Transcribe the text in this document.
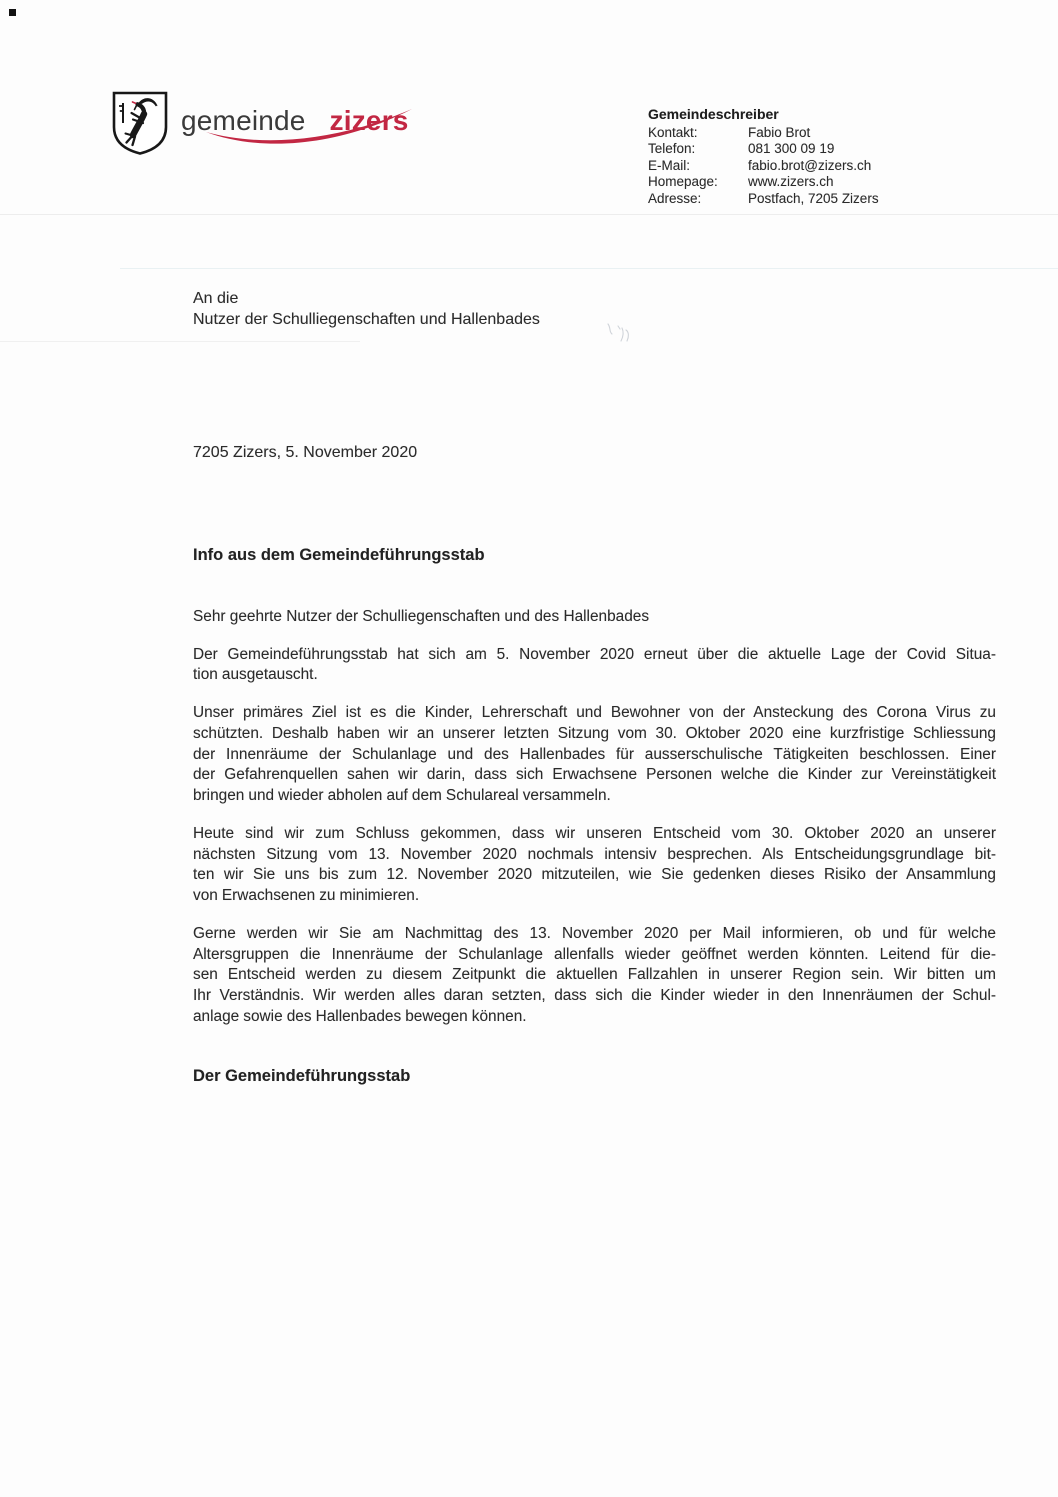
gemeinde zizers	Gemeindeschreiber
Kontakt:	Fabio Brot
Telefon:	081 300 09 19
E-Mail:	fabio.brot@zizers.ch
Homepage:	www.zizers.ch
Adresse:	Postfach, 7205 Zizers
An die
Nutzer der Schulliegenschaften und Hallenbades
7205 Zizers, 5. November 2020
Info aus dem Gemeindeführungsstab
Sehr geehrte Nutzer der Schulliegenschaften und des Hallenbades
Der Gemeindeführungsstab hat sich am 5. November 2020 erneut über die aktuelle Lage der Covid Situa-
tion ausgetauscht.
Unser primäres Ziel ist es die Kinder, Lehrerschaft und Bewohner von der Ansteckung des Corona Virus zu
schützten. Deshalb haben wir an unserer letzten Sitzung vom 30. Oktober 2020 eine kurzfristige Schliessung
der Innenräume der Schulanlage und des Hallenbades für ausserschulische Tätigkeiten beschlossen. Einer
der Gefahrenquellen sahen wir darin, dass sich Erwachsene Personen welche die Kinder zur Vereinstätigkeit
bringen und wieder abholen auf dem Schulareal versammeln.
Heute sind wir zum Schluss gekommen, dass wir unseren Entscheid vom 30. Oktober 2020 an unserer
nächsten Sitzung vom 13. November 2020 nochmals intensiv besprechen. Als Entscheidungsgrundlage bit-
ten wir Sie uns bis zum 12. November 2020 mitzuteilen, wie Sie gedenken dieses Risiko der Ansammlung
von Erwachsenen zu minimieren.
Gerne werden wir Sie am Nachmittag des 13. November 2020 per Mail informieren, ob und für welche
Altersgruppen die Innenräume der Schulanlage allenfalls wieder geöffnet werden könnten. Leitend für die-
sen Entscheid werden zu diesem Zeitpunkt die aktuellen Fallzahlen in unserer Region sein. Wir bitten um
Ihr Verständnis. Wir werden alles daran setzten, dass sich die Kinder wieder in den Innenräumen der Schul-
anlage sowie des Hallenbades bewegen können.
Der Gemeindeführungsstab
